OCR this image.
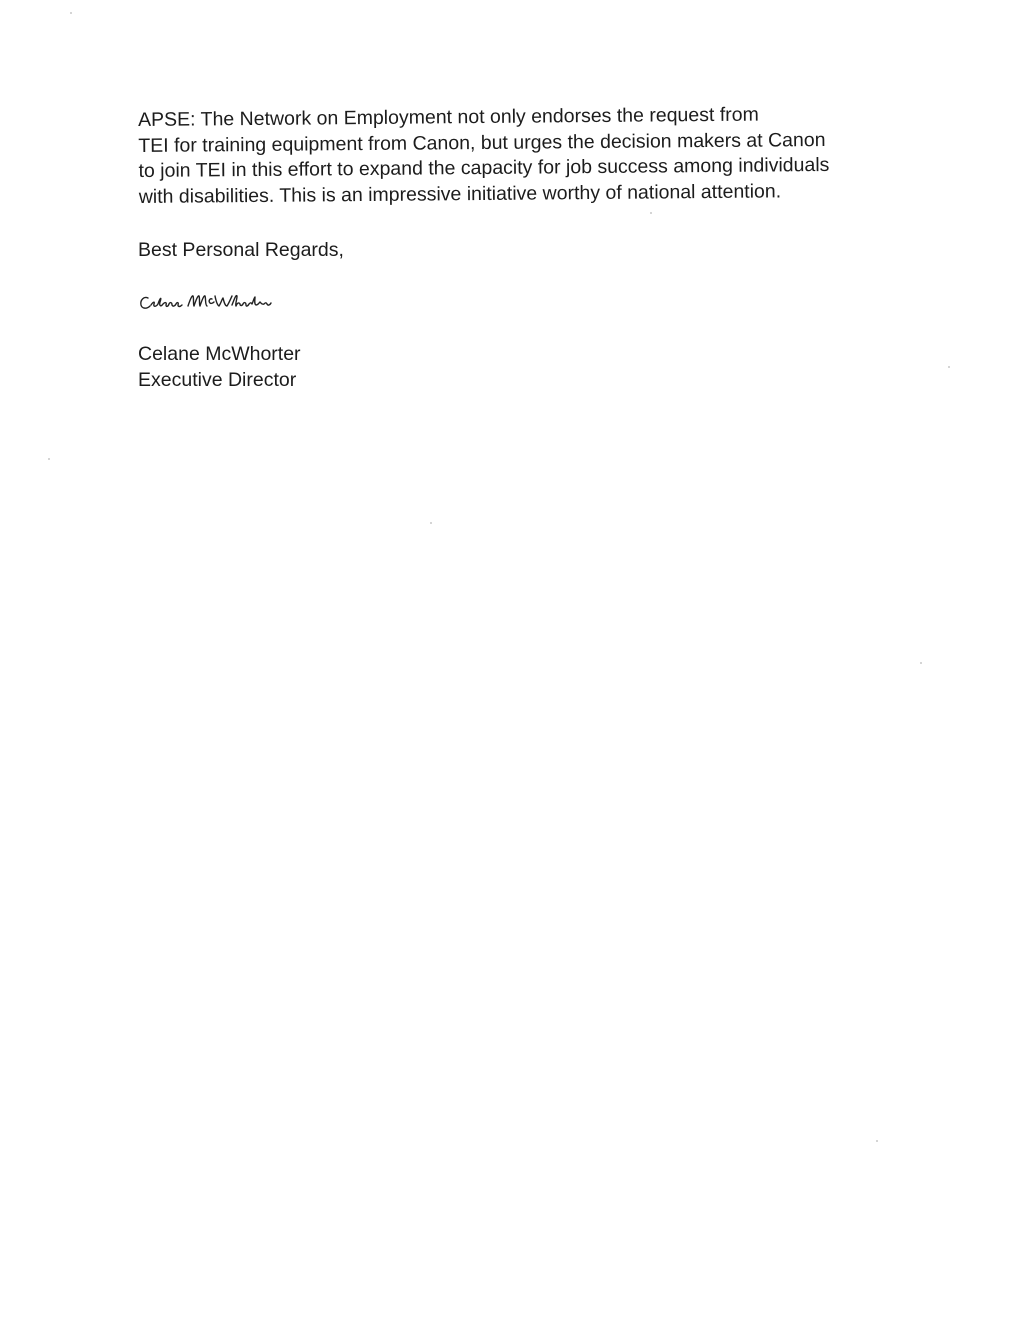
APSE: The Network on Employment not only endorses the request from
TEI for training equipment from Canon, but urges the decision makers at Canon
to join TEI in this effort to expand the capacity for job success among individuals
with disabilities. This is an impressive initiative worthy of national attention.

Best Personal Regards,

Celane McWhorter
Executive Director
